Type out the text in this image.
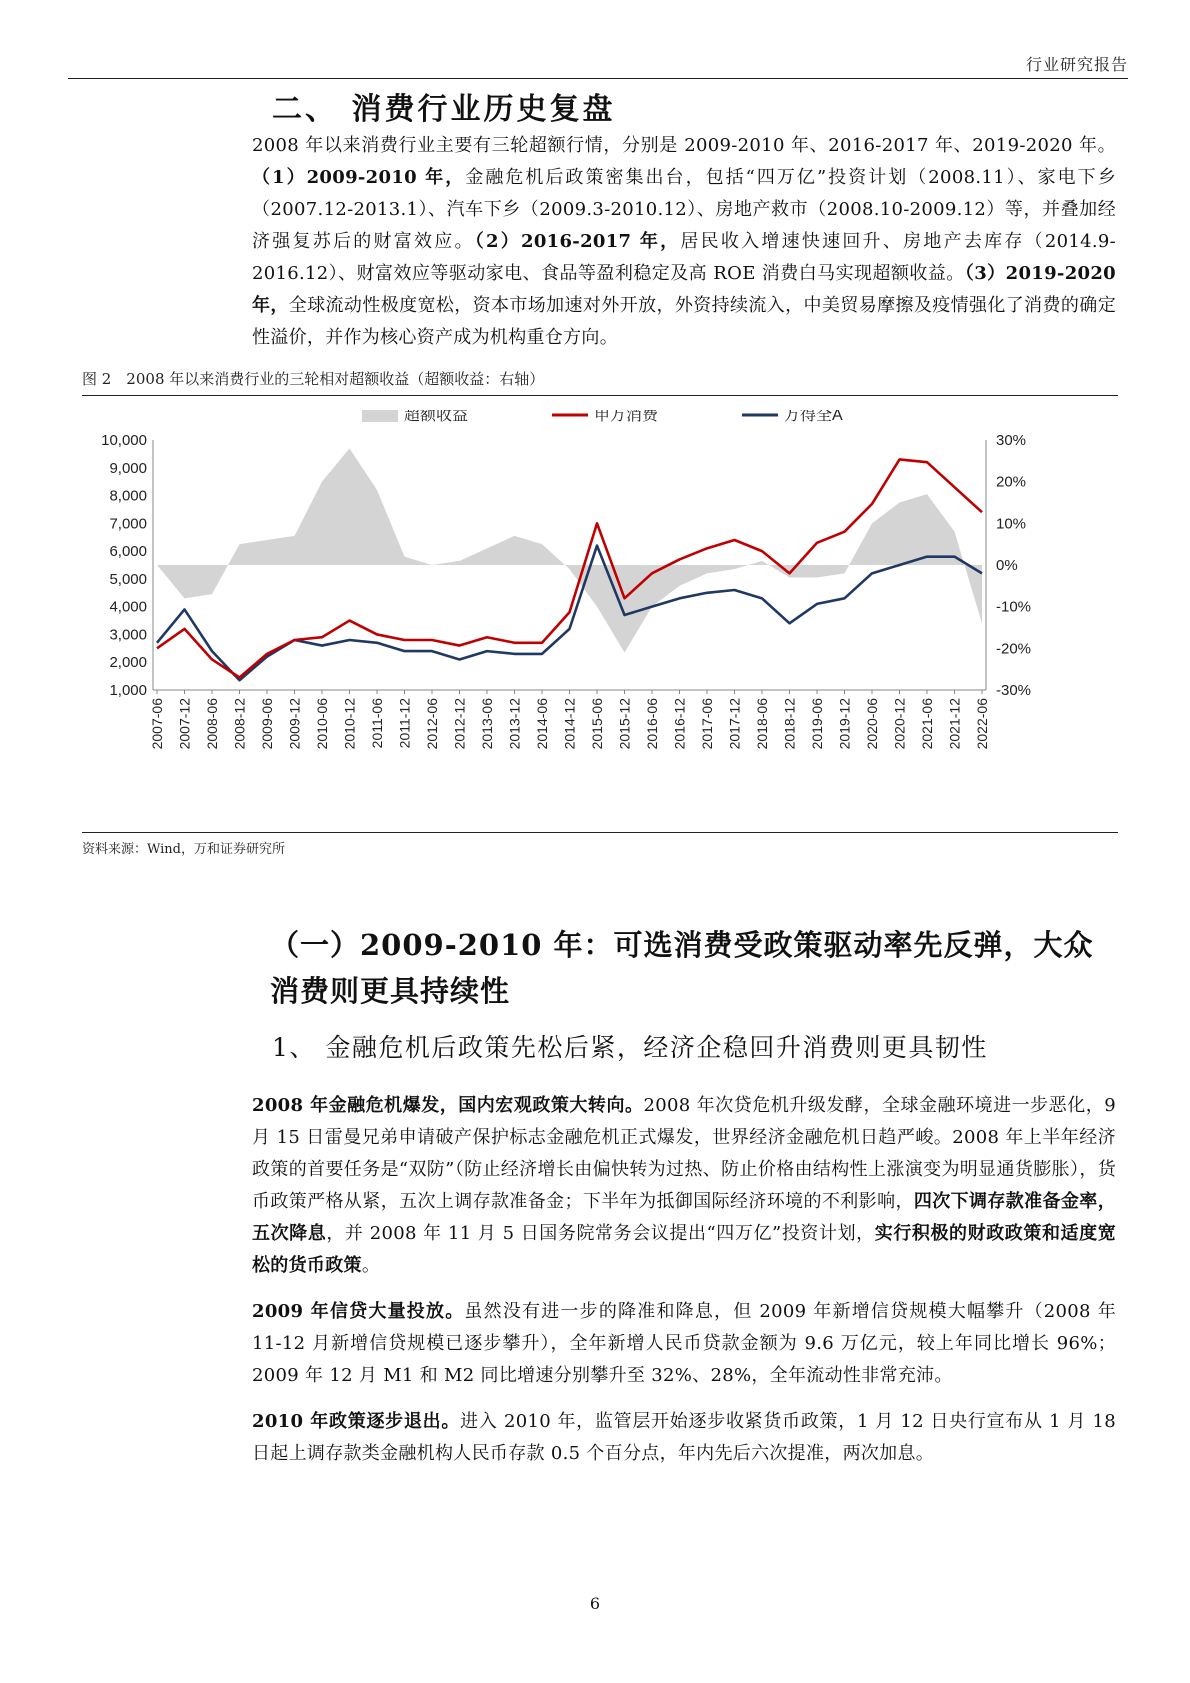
行业研究报告
二、 消费行业历史复盘
2008 年以来消费行业主要有三轮超额行情，分别是 2009-2010 年、2016-2017 年、2019-2020 年。（1）2009-2010 年，金融危机后政策密集出台，包括“四万亿”投资计划（2008.11）、家电下乡（2007.12-2013.1）、汽车下乡（2009.3-2010.12）、房地产救市（2008.10-2009.12）等，并叠加经济强复苏后的财富效应。（2）2016-2017 年，居民收入增速快速回升、房地产去库存（2014.9-2016.12）、财富效应等驱动家电、食品等盈利稳定及高 ROE 消费白马实现超额收益。（3）2019-2020 年，全球流动性极度宽松，资本市场加速对外开放，外资持续流入，中美贸易摩擦及疫情强化了消费的确定性溢价，并作为核心资产成为机构重仓方向。
图 2　2008 年以来消费行业的三轮相对超额收益（超额收益：右轴）
10,000
9,000
8,000
7,000
6,000
5,000
4,000
3,000
2,000
1,000
30%
20%
10%
0%
-10%
-20%
-30%
2007-06 2007-12 2008-06 2008-12 2009-06 2009-12 2010-06 2010-12 2011-06 2011-12 2012-06 2012-12 2013-06 2013-12 2014-06 2014-12 2015-06 2015-12 2016-06 2016-12 2017-06 2017-12 2018-06 2018-12 2019-06 2019-12 2020-06 2020-12 2021-06 2021-12 2022-06
超额收益	申万消费	万得全A
资料来源：Wind，万和证券研究所
（一）2009-2010 年：可选消费受政策驱动率先反弹，大众消费则更具持续性
1、 金融危机后政策先松后紧，经济企稳回升消费则更具韧性
2008 年金融危机爆发，国内宏观政策大转向。2008 年次贷危机升级发酵，全球金融环境进一步恶化，9 月 15 日雷曼兄弟申请破产保护标志金融危机正式爆发，世界经济金融危机日趋严峻。2008 年上半年经济政策的首要任务是“双防”（防止经济增长由偏快转为过热、防止价格由结构性上涨演变为明显通货膨胀），货币政策严格从紧，五次上调存款准备金；下半年为抵御国际经济环境的不利影响，四次下调存款准备金率，五次降息，并 2008 年 11 月 5 日国务院常务会议提出“四万亿”投资计划，实行积极的财政政策和适度宽松的货币政策。
2009 年信贷大量投放。虽然没有进一步的降准和降息，但 2009 年新增信贷规模大幅攀升（2008 年 11-12 月新增信贷规模已逐步攀升），全年新增人民币贷款金额为 9.6 万亿元，较上年同比增长 96%；2009 年 12 月 M1 和 M2 同比增速分别攀升至 32%、28%，全年流动性非常充沛。
2010 年政策逐步退出。进入 2010 年，监管层开始逐步收紧货币政策，1 月 12 日央行宣布从 1 月 18 日起上调存款类金融机构人民币存款 0.5 个百分点，年内先后六次提准，两次加息。
6
